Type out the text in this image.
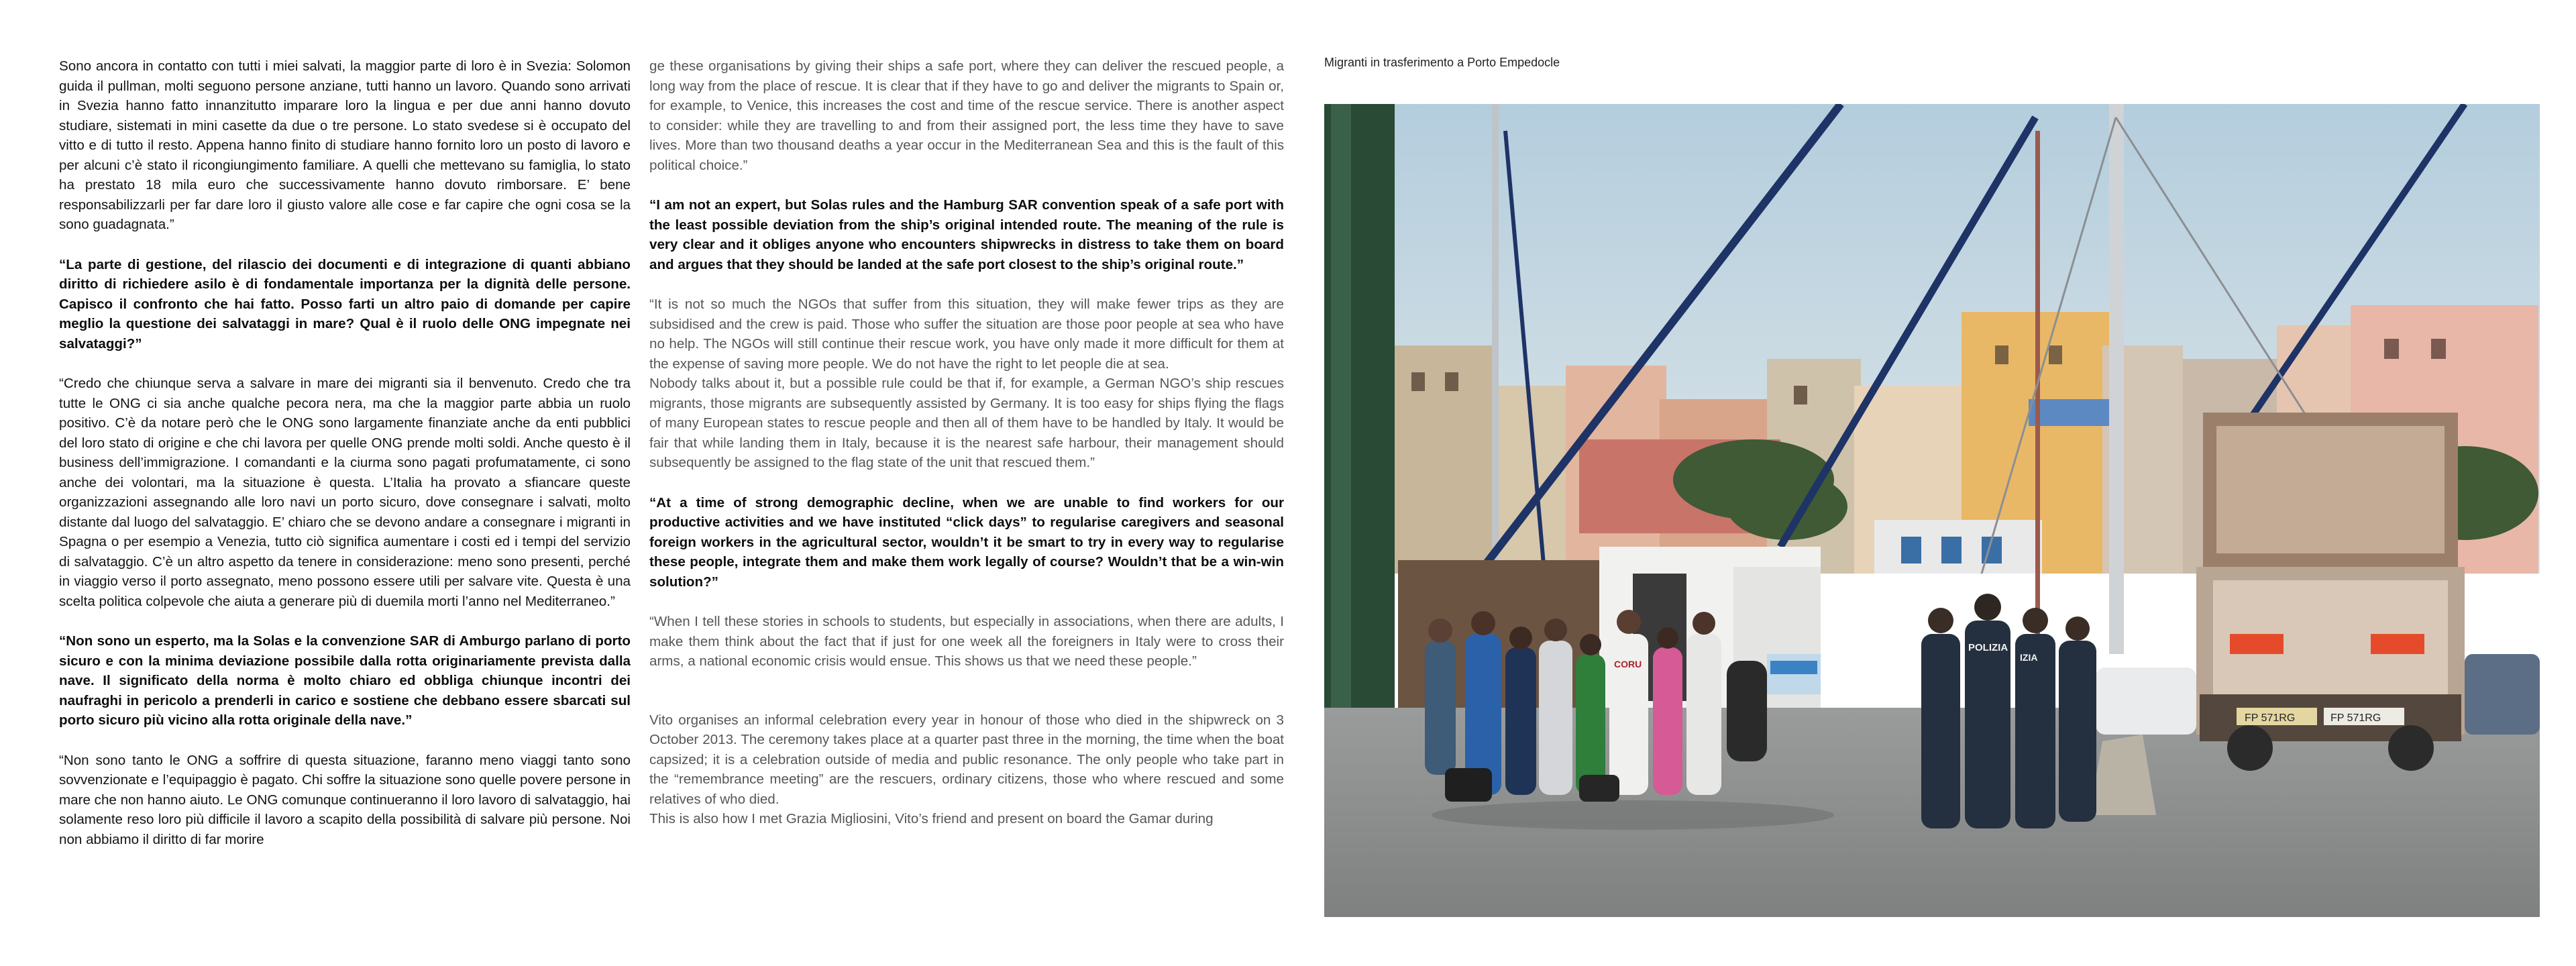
Sono ancora in contatto con tutti i miei salvati, la maggior parte di loro è in Svezia: Solomon guida il pullman, molti seguono persone anziane, tutti hanno un lavoro. Quando sono arrivati in Svezia hanno fatto innanzitutto imparare loro la lingua e per due anni hanno dovuto studiare, sistemati in mini casette da due o tre persone. Lo stato svedese si è occupato del vitto e di tutto il resto. Appena hanno finito di studiare hanno fornito loro un posto di lavoro e per alcuni c’è stato il ricongiungimento familiare. A quelli che mettevano su famiglia, lo stato ha prestato 18 mila euro che successivamente hanno dovuto rimborsare. E’ bene responsabilizzarli per far dare loro il giusto valore alle cose e far capire che ogni cosa se la sono guadagnata.”

“La parte di gestione, del rilascio dei documenti e di integrazione di quanti abbiano diritto di richiedere asilo è di fondamentale importanza per la dignità delle persone. Capisco il confronto che hai fatto. Posso farti un altro paio di domande per capire meglio la questione dei salvataggi in mare? Qual è il ruolo delle ONG impegnate nei salvataggi?”

“Credo che chiunque serva a salvare in mare dei migranti sia il benvenuto. Credo che tra tutte le ONG ci sia anche qualche pecora nera, ma che la maggior parte abbia un ruolo positivo. C’è da notare però che le ONG sono largamente finanziate anche da enti pubblici del loro stato di origine e che chi lavora per quelle ONG prende molti soldi. Anche questo è il business dell’immigrazione. I comandanti e la ciurma sono pagati profumatamente, ci sono anche dei volontari, ma la situazione è questa. L’Italia ha provato a sfiancare queste organizzazioni assegnando alle loro navi un porto sicuro, dove consegnare i salvati, molto distante dal luogo del salvataggio. E’ chiaro che se devono andare a consegnare i migranti in Spagna o per esempio a Venezia, tutto ciò significa aumentare i costi ed i tempi del servizio di salvataggio. C’è un altro aspetto da tenere in considerazione: meno sono presenti, perché in viaggio verso il porto assegnato, meno possono essere utili per salvare vite. Questa è una scelta politica colpevole che aiuta a generare più di duemila morti l’anno nel Mediterraneo.”

“Non sono un esperto, ma la Solas e la convenzione SAR di Amburgo parlano di porto sicuro e con la minima deviazione possibile dalla rotta originariamente prevista dalla nave. Il significato della norma è molto chiaro ed obbliga chiunque incontri dei naufraghi in pericolo a prenderli in carico e sostiene che debbano essere sbarcati sul porto sicuro più vicino alla rotta originale della nave.”

“Non sono tanto le ONG a soffrire di questa situazione, faranno meno viaggi tanto sono sovvenzionate e l’equipaggio è pagato. Chi soffre la situazione sono quelle povere persone in mare che non hanno aiuto. Le ONG comunque continueranno il loro lavoro di salvataggio, hai solamente reso loro più difficile il lavoro a scapito della possibilità di salvare più persone. Noi non abbiamo il diritto di far morire

ge these organisations by giving their ships a safe port, where they can deliver the rescued people, a long way from the place of rescue. It is clear that if they have to go and deliver the migrants to Spain or, for example, to Venice, this increases the cost and time of the rescue service. There is another aspect to consider: while they are travelling to and from their assigned port, the less time they have to save lives. More than two thousand deaths a year occur in the Mediterranean Sea and this is the fault of this political choice.”

“I am not an expert, but Solas rules and the Hamburg SAR convention speak of a safe port with the least possible deviation from the ship’s original intended route. The meaning of the rule is very clear and it obliges anyone who encounters shipwrecks in distress to take them on board and argues that they should be landed at the safe port closest to the ship’s original route.”

“It is not so much the NGOs that suffer from this situation, they will make fewer trips as they are subsidised and the crew is paid. Those who suffer the situation are those poor people at sea who have no help. The NGOs will still continue their rescue work, you have only made it more difficult for them at the expense of saving more people. We do not have the right to let people die at sea.

Nobody talks about it, but a possible rule could be that if, for example, a German NGO’s ship rescues migrants, those migrants are subsequently assisted by Germany. It is too easy for ships flying the flags of many European states to rescue people and then all of them have to be handled by Italy. It would be fair that while landing them in Italy, because it is the nearest safe harbour, their management should subsequently be assigned to the flag state of the unit that rescued them.”

“At a time of strong demographic decline, when we are unable to find workers for our productive activities and we have instituted “click days” to regularise caregivers and seasonal foreign workers in the agricultural sector, wouldn’t it be smart to try in every way to regularise these people, integrate them and make them work legally of course? Wouldn’t that be a win-win solution?”

“When I tell these stories in schools to students, but especially in associations, when there are adults, I make them think about the fact that if just for one week all the foreigners in Italy were to cross their arms, a national economic crisis would ensue. This shows us that we need these people.”

Vito organises an informal celebration every year in honour of those who died in the shipwreck on 3 October 2013. The ceremony takes place at a quarter past three in the morning, the time when the boat capsized; it is a celebration outside of media and public resonance. The only people who take part in the “remembrance meeting” are the rescuers, ordinary citizens, those who where rescued and some relatives of who died.

This is also how I met Grazia Migliosini, Vito’s friend and present on board the Gamar during

Migranti in trasferimento a Porto Empedocle
FP 571RG	FP 571RG
CORU
POLIZIA
IZIA
